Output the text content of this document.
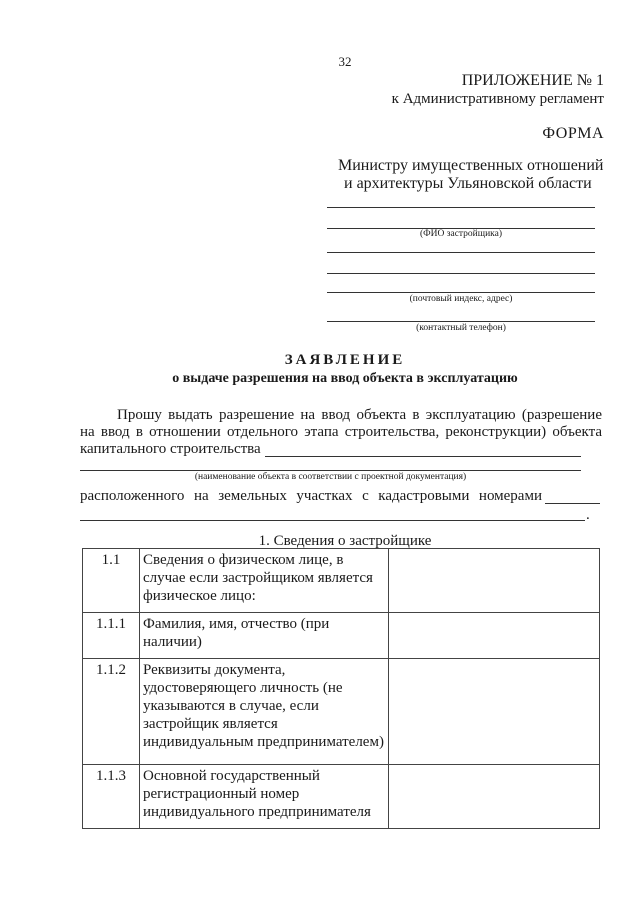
32
ПРИЛОЖЕНИЕ № 1
к Административному регламент
ФОРМА
Министру имущественных отношений
и архитектуры Ульяновской области
(ФИО застройщика)
(почтовый индекс, адрес)
(контактный телефон)
ЗАЯВЛЕНИЕ
о выдаче разрешения на ввод объекта в эксплуатацию
Прошу выдать разрешение на ввод объекта в эксплуатацию (разрешение
на ввод в отношении отдельного этапа строительства, реконструкции) объекта
капитального строительства
(наименование объекта в соответствии с проектной документация)
расположенного на земельных участках с кадастровыми номерами
.
1. Сведения о застройщике
1.1	Сведения о физическом лице, в случае если застройщиком является физическое лицо:	
1.1.1	Фамилия, имя, отчество (при наличии)	
1.1.2	Реквизиты документа, удостоверяющего личность (не указываются в случае, если застройщик является индивидуальным предпринимателем)	
1.1.3	Основной государственный регистрационный номер индивидуального предпринимателя	
